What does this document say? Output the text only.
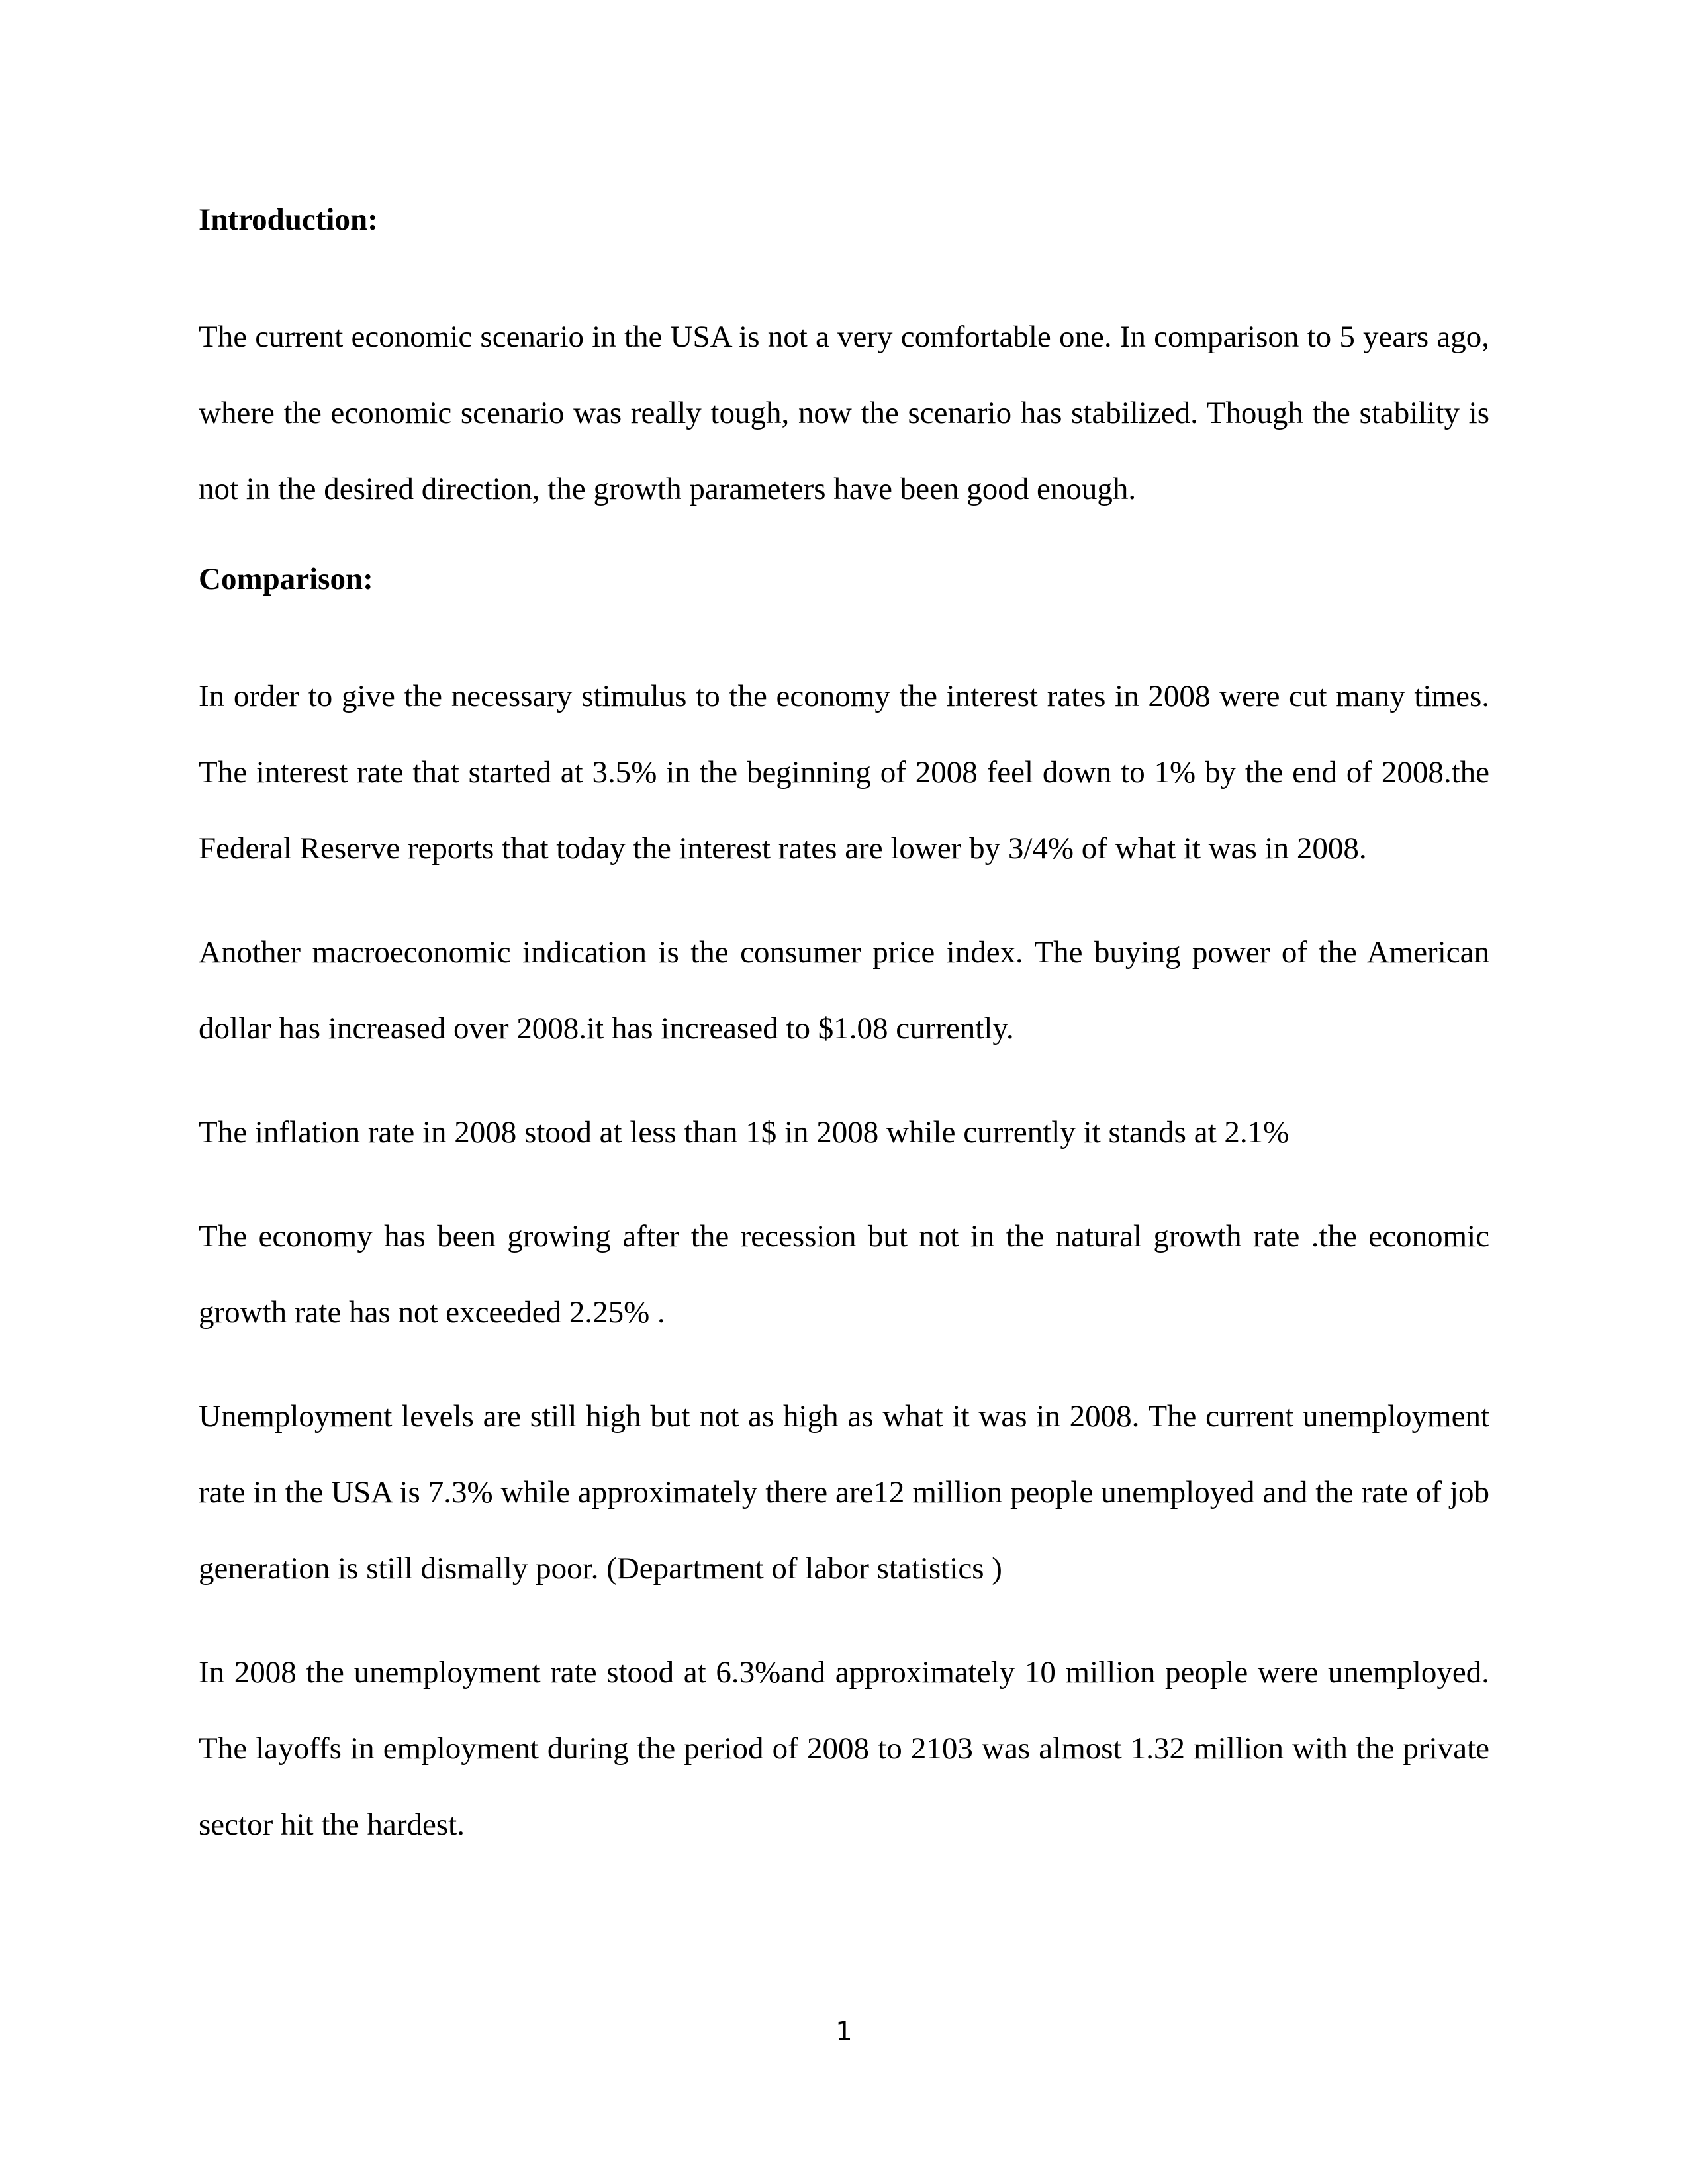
Introduction:

The current economic scenario in the USA is not a very comfortable one. In comparison to 5 years ago, where the economic scenario was really tough, now the scenario has stabilized. Though the stability is not in the desired direction, the growth parameters have been good enough.

Comparison:

In order to give the necessary stimulus to the economy the interest rates in 2008 were cut many times. The interest rate that started at 3.5% in the beginning of 2008 feel down to 1% by the end of 2008.the Federal Reserve reports that today the interest rates are lower by 3/4% of what it was in 2008.

Another macroeconomic indication is the consumer price index. The buying power of the American dollar has increased over 2008.it has increased to $1.08 currently.

The inflation rate in 2008 stood at less than 1$ in 2008 while currently it stands at 2.1%

The economy has been growing after the recession but not in the natural growth rate .the economic growth rate has not exceeded 2.25% .

Unemployment levels are still high but not as high as what it was in 2008. The current unemployment rate in the USA is 7.3% while approximately there are12 million people unemployed and the rate of job generation is still dismally poor. (Department of labor statistics )

In 2008 the unemployment rate stood at 6.3%and approximately 10 million people were unemployed. The layoffs in employment during the period of 2008 to 2103 was almost 1.32 million with the private sector hit the hardest.

1
